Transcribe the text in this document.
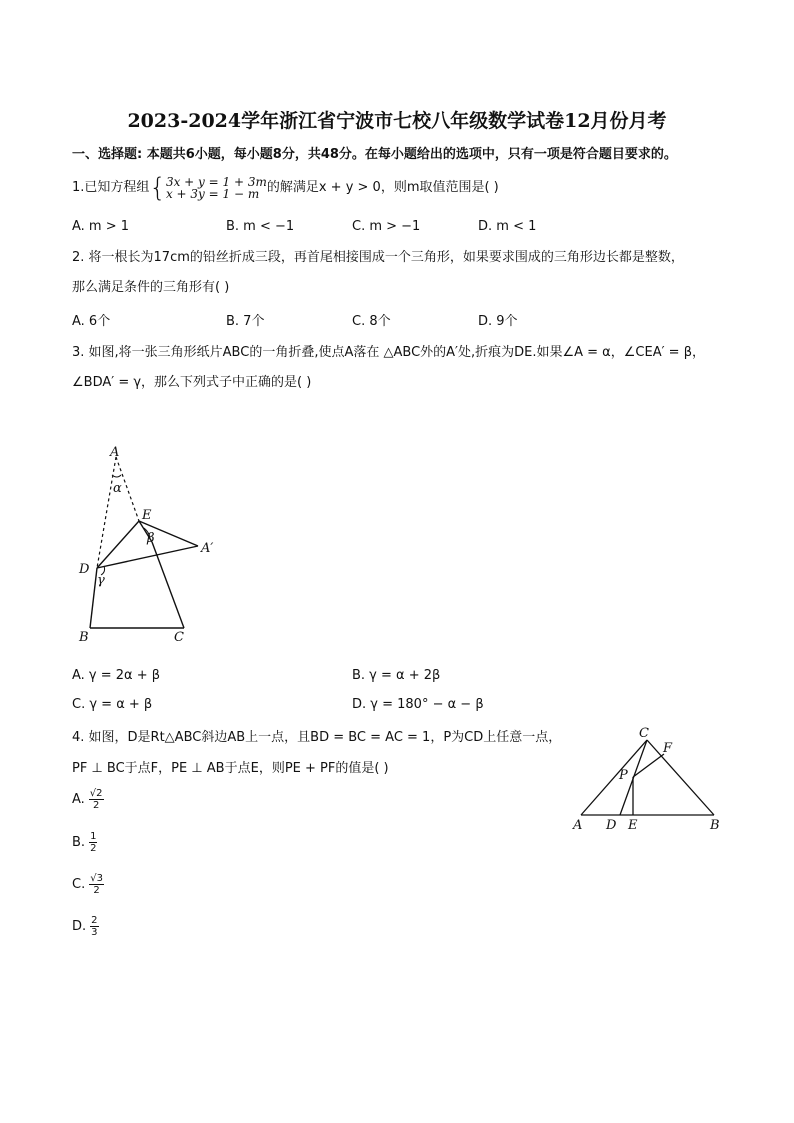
2023-2024学年浙江省宁波市七校八年级数学试卷12月份月考
一、选择题: 本题共6小题，每小题8分，共48分。在每小题给出的选项中，只有一项是符合题目要求的。
1.已知方程组 { 3x + y = 1 + 3m
x + 3y = 1 − m 的解满足x + y > 0，则m取值范围是( )
A. m > 1	B. m < −1	C. m > −1	D. m < 1
2. 将一根长为17cm的铅丝折成三段，再首尾相接围成一个三角形，如果要求围成的三角形边长都是整数，
那么满足条件的三角形有( )
A. 6个	B. 7个	C. 8个	D. 9个
3. 如图,将一张三角形纸片ABC的一角折叠,使点A落在 △ABC外的A′处,折痕为DE.如果∠A = α，∠CEA′ = β，
∠BDA′ = γ，那么下列式子中正确的是( )
A
α
E
β
A′
D
γ
B	C
A. γ = 2α + β	B. γ = α + 2β
C. γ = α + β	D. γ = 180° − α − β
4. 如图，D是Rt△ABC斜边AB上一点，且BD = BC = AC = 1，P为CD上任意一点，
PF ⊥ BC于点F，PE ⊥ AB于点E，则PE + PF的值是( )
C
F
P
A D E	B
A. $\frac{√2}{2}$
B. $\frac{1}{2}$
C. $\frac{√3}{2}$
D. $\frac{2}{3}$
